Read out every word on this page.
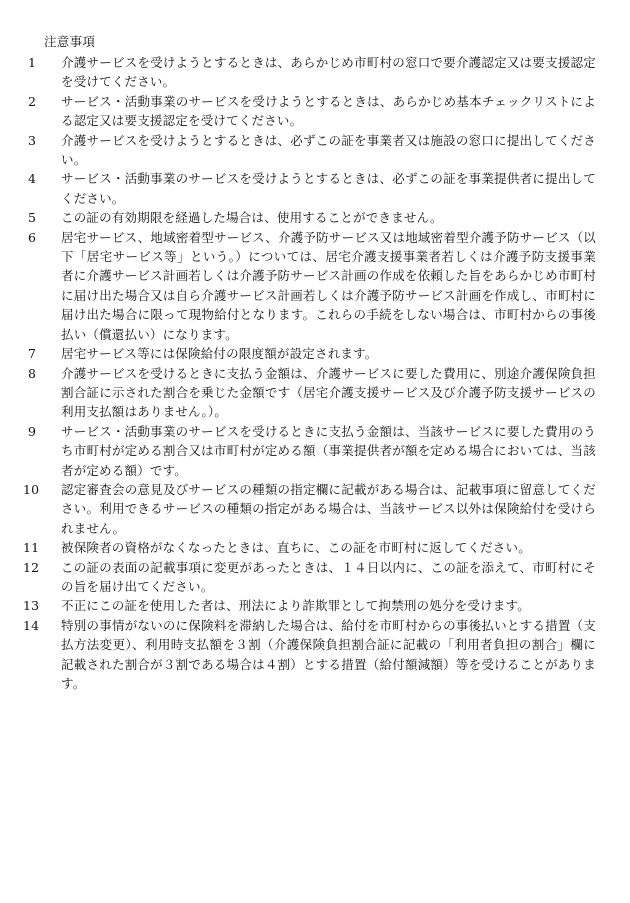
注意事項
1	介護サービスを受けようとするときは、あらかじめ市町村の窓口で要介護認定又は要支援認定を受けてください。
2	サービス・活動事業のサービスを受けようとするときは、あらかじめ基本チェックリストによる認定又は要支援認定を受けてください。
3	介護サービスを受けようとするときは、必ずこの証を事業者又は施設の窓口に提出してください。
4	サービス・活動事業のサービスを受けようとするときは、必ずこの証を事業提供者に提出してください。
5	この証の有効期限を経過した場合は、使用することができません。
6	居宅サービス、地域密着型サービス、介護予防サービス又は地域密着型介護予防サービス（以下「居宅サービス等」という。）については、居宅介護支援事業者若しくは介護予防支援事業者に介護サービス計画若しくは介護予防サービス計画の作成を依頼した旨をあらかじめ市町村に届け出た場合又は自ら介護サービス計画若しくは介護予防サービス計画を作成し、市町村に届け出た場合に限って現物給付となります。これらの手続をしない場合は、市町村からの事後払い（償還払い）になります。
7	居宅サービス等には保険給付の限度額が設定されます。
8	介護サービスを受けるときに支払う金額は、介護サービスに要した費用に、別途介護保険負担割合証に示された割合を乗じた金額です（居宅介護支援サービス及び介護予防支援サービスの利用支払額はありません。）。
9	サービス・活動事業のサービスを受けるときに支払う金額は、当該サービスに要した費用のうち市町村が定める割合又は市町村が定める額（事業提供者が額を定める場合においては、当該者が定める額）です。
10	認定審査会の意見及びサービスの種類の指定欄に記載がある場合は、記載事項に留意してください。利用できるサービスの種類の指定がある場合は、当該サービス以外は保険給付を受けられません。
11	被保険者の資格がなくなったときは、直ちに、この証を市町村に返してください。
12	この証の表面の記載事項に変更があったときは、１４日以内に、この証を添えて、市町村にその旨を届け出てください。
13	不正にこの証を使用した者は、刑法により詐欺罪として拘禁刑の処分を受けます。
14	特別の事情がないのに保険料を滞納した場合は、給付を市町村からの事後払いとする措置（支払方法変更）、利用時支払額を３割（介護保険負担割合証に記載の「利用者負担の割合」欄に記載された割合が３割である場合は４割）とする措置（給付額減額）等を受けることがあります。
